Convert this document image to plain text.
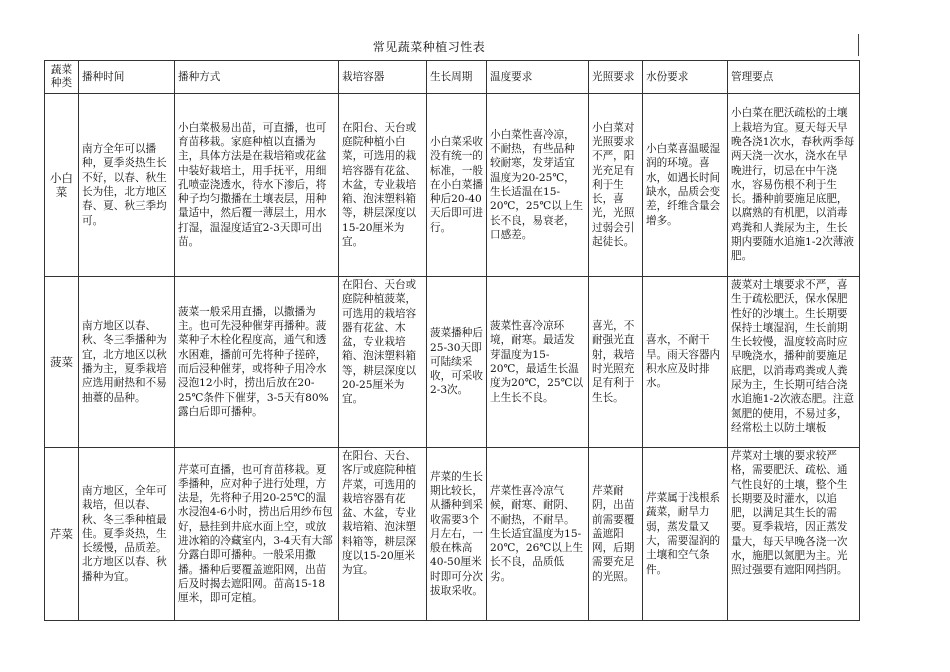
常见蔬菜种植习性表
蔬菜种类	播种时间	播种方式	栽培容器	生长周期	温度要求	光照要求	水份要求	管理要点
小白菜	南方全年可以播种，夏季炎热生长不好，以春、秋生长为佳，北方地区春、夏、秋三季均可。	小白菜极易出苗，可直播，也可育苗移栽。家庭种植以直播为主，具体方法是在栽培箱或花盆中装好栽培土，用手抚平，用细孔喷壶浇透水，待水下渗后，将种子均匀撒播在土壤表层，用种量适中，然后覆一薄层土，用水打湿，温湿度适宜2-3天即可出苗。	在阳台、天台或庭院种植小白菜，可选用的栽培容器有花盆、木盆，专业栽培箱、泡沫塑料箱等，耕层深度以15-20厘米为宜。	小白菜采收没有统一的标准，一般在小白菜播种后20-40天后即可进行。	小白菜性喜冷凉，不耐热，有些品种较耐寒，发芽适宜温度为20-25℃，生长适温在15-20℃，25℃以上生长不良，易衰老，口感差。	小白菜对光照要求不严，阳光充足有利于生长，喜光，光照过弱会引起徒长。	小白菜喜温暖湿润的环境。喜水，如遇长时间缺水，品质会变差，纤维含量会增多。	小白菜在肥沃疏松的土壤上栽培为宜。夏天每天早晚各浇1次水，春秋两季每两天浇一次水，浇水在早晚进行，切忌在中午浇水，容易伤根不利于生长。播种前要施足底肥，以腐熟的有机肥，以消毒鸡粪和人粪尿为主，生长期内要随水追施1-2次薄液肥。
菠菜	南方地区以春、秋、冬三季播种为宜，北方地区以秋播为主，夏季栽培应选用耐热和不易抽薹的品种。	菠菜一般采用直播，以撒播为主。也可先浸种催芽再播种。菠菜种子木栓化程度高，通气和透水困难，播前可先将种子搓碎，而后浸种催芽，或将种子用冷水浸泡12小时，捞出后放在20-25℃条件下催芽，3-5天有80%露白后即可播种。	在阳台、天台或庭院种植菠菜，可选用的栽培容器有花盆、木盆，专业栽培箱、泡沫塑料箱等，耕层深度以20-25厘米为宜。	菠菜播种后25-30天即可陆续采收，可采收2-3次。	菠菜性喜冷凉环境，耐寒。最适发芽温度为15-20℃，最适生长温度为20℃，25℃以上生长不良。	喜光，不耐强光直射，栽培时光照充足有利于生长。	喜水，不耐干旱。雨天容器内积水应及时排水。	菠菜对土壤要求不严，喜生于疏松肥沃，保水保肥性好的沙壤土。生长期要保持土壤湿润，生长前期生长较慢，温度较高时应早晚浇水，播种前要施足底肥，以消毒鸡粪或人粪尿为主，生长期可结合浇水追施1-2次液态肥。注意氮肥的使用，不易过多，经常松土以防土壤板
芹菜	南方地区，全年可栽培，但以春、秋、冬三季种植最佳。夏季炎热，生长缓慢，品质差。北方地区以春、秋播种为宜。	芹菜可直播，也可育苗移栽。夏季播种，应对种子进行处理，方法是，先将种子用20-25℃的温水浸泡4-6小时，捞出后用纱布包好，悬挂到井底水面上空，或放进冰箱的冷藏室内，3-4天有大部分露白即可播种。一般采用撒播。播种后要覆盖遮阳网，出苗后及时揭去遮阳网。苗高15-18厘米，即可定植。	在阳台、天台、客厅或庭院种植芹菜，可选用的栽培容器有花盆、木盆，专业栽培箱、泡沫塑料箱等，耕层深度以15-20厘米为宜。	芹菜的生长期比较长，从播种到采收需要3个月左右，一般在株高40-50厘米时即可分次拔取采收。	芹菜性喜冷凉气候，耐寒、耐阴、不耐热，不耐旱。生长适宜温度为15-20℃，26℃以上生长不良，品质低劣。	芹菜耐阴，出苗前需要覆盖遮阳网，后期需要充足的光照。	芹菜属于浅根系蔬菜，耐旱力弱，蒸发量又大，需要湿润的土壤和空气条件。	芹菜对土壤的要求较严格，需要肥沃、疏松、通气性良好的土壤，整个生长期要及时灌水，以追肥，以满足其生长的需要。夏季栽培，因正蒸发量大，每天早晚各浇一次水，施肥以氮肥为主。光照过强要有遮阳网挡阴。
